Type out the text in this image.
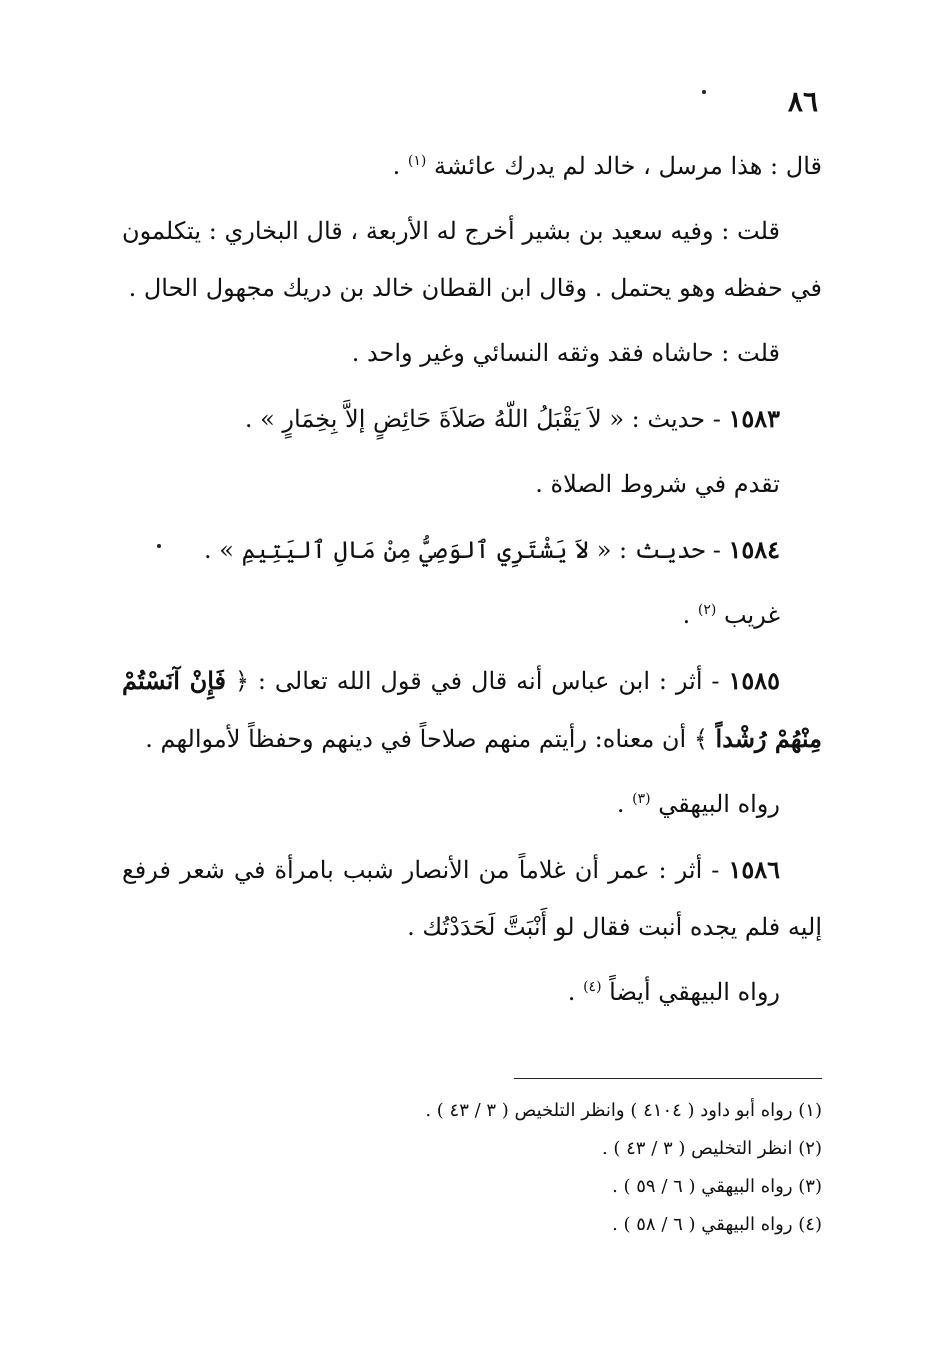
٨٦

قال : هذا مرسل ، خالد لم يدرك عائشة $^{(١)}$ .

قلت : وفيه سعيد بن بشير أخرج له الأربعة ، قال البخاري : يتكلمون في حفظه وهو يحتمل . وقال ابن القطان خالد بن دريك مجهول الحال .

قلت : حاشاه فقد وثقه النسائي وغير واحد .

١٥٨٣ - حديث : « لاَ يَقْبَلُ اللّهُ صَلاَةَ حَائِضٍ إلاَّ بِخِمَارٍ » .

تقدم في شروط الصلاة .

١٥٨٤ - حديث : « لاَ يَشْتَرِي ٱلوَصِيُّ مِنْ مَالِ ٱليَتِيمِ » .

غريب $^{(٢)}$ .

١٥٨٥ - أثر : ابن عباس أنه قال في قول الله تعالى : ﴿ فَإِنْ آنَسْتُمْ مِنْهُمْ رُشْداً ﴾ أن معناه: رأيتم منهم صلاحاً في دينهم وحفظاً لأموالهم .

رواه البيهقي $^{(٣)}$ .

١٥٨٦ - أثر : عمر أن غلاماً من الأنصار شبب بامرأة في شعر فرفع إليه فلم يجده أنبت فقال لو أَنْبَتَّ لَحَدَدْتُك .

رواه البيهقي أيضاً $^{(٤)}$ .

(١) رواه أبو داود ( ٤١٠٤ ) وانظر التلخيص ( ٣ / ٤٣ ) .
(٢) انظر التخليص ( ٣ / ٤٣ ) .
(٣) رواه البيهقي ( ٦ / ٥٩ ) .
(٤) رواه البيهقي ( ٦ / ٥٨ ) .
